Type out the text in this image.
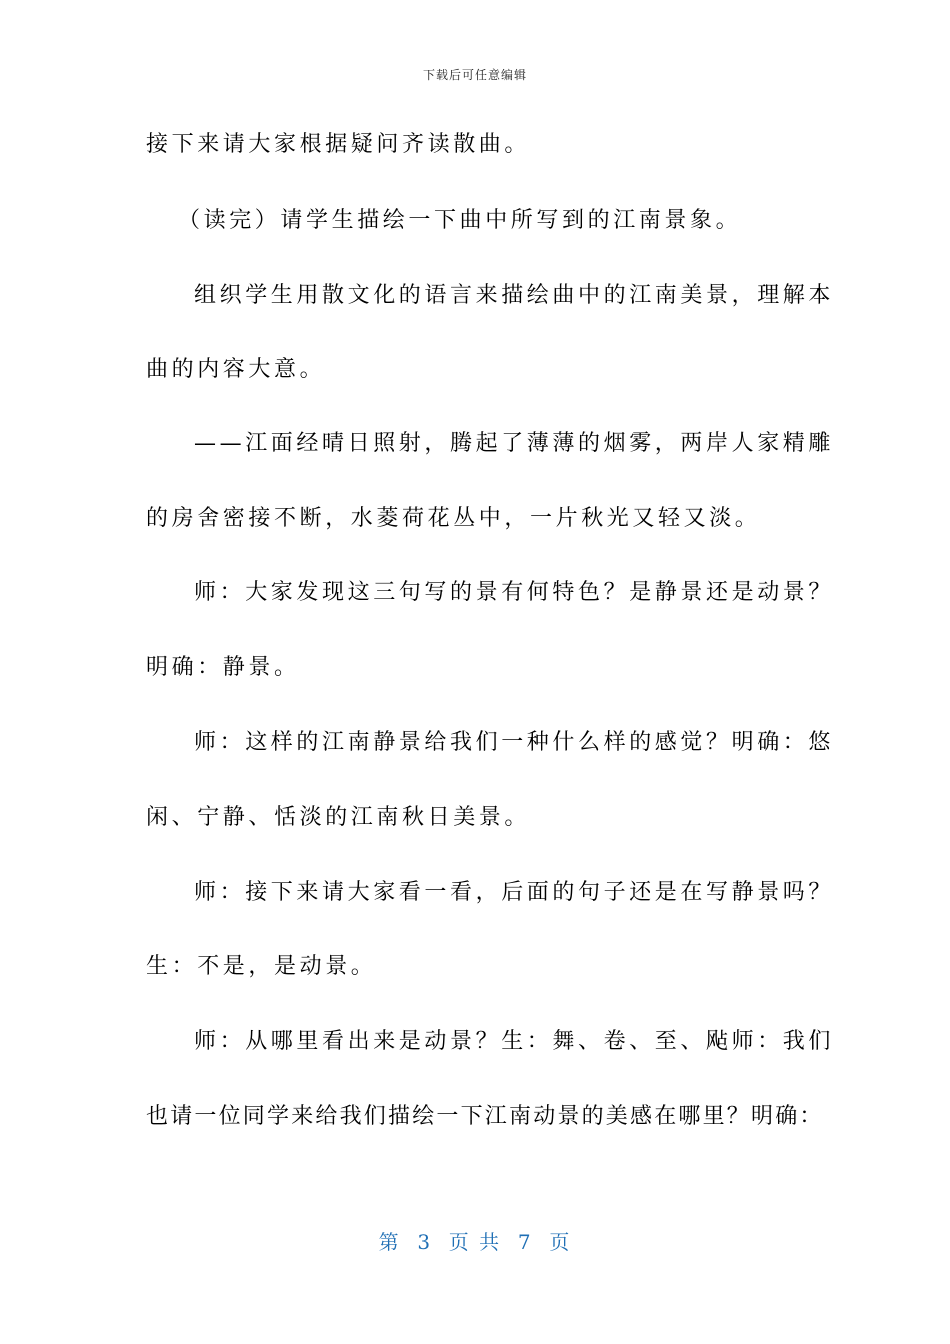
下载后可任意编辑
接下来请大家根据疑问齐读散曲。
（读完）请学生描绘一下曲中所写到的江南景象。
组织学生用散文化的语言来描绘曲中的江南美景，理解本
曲的内容大意。
——江面经晴日照射，腾起了薄薄的烟雾，两岸人家精雕
的房舍密接不断，水菱荷花丛中，一片秋光又轻又淡。
师：大家发现这三句写的景有何特色？是静景还是动景？
明确：静景。
师：这样的江南静景给我们一种什么样的感觉？明确：悠
闲、宁静、恬淡的江南秋日美景。
师：接下来请大家看一看，后面的句子还是在写静景吗？
生：不是，是动景。
师：从哪里看出来是动景？生：舞、卷、至、飐师：我们
也请一位同学来给我们描绘一下江南动景的美感在哪里？明确：
第  3  页 共  7  页
